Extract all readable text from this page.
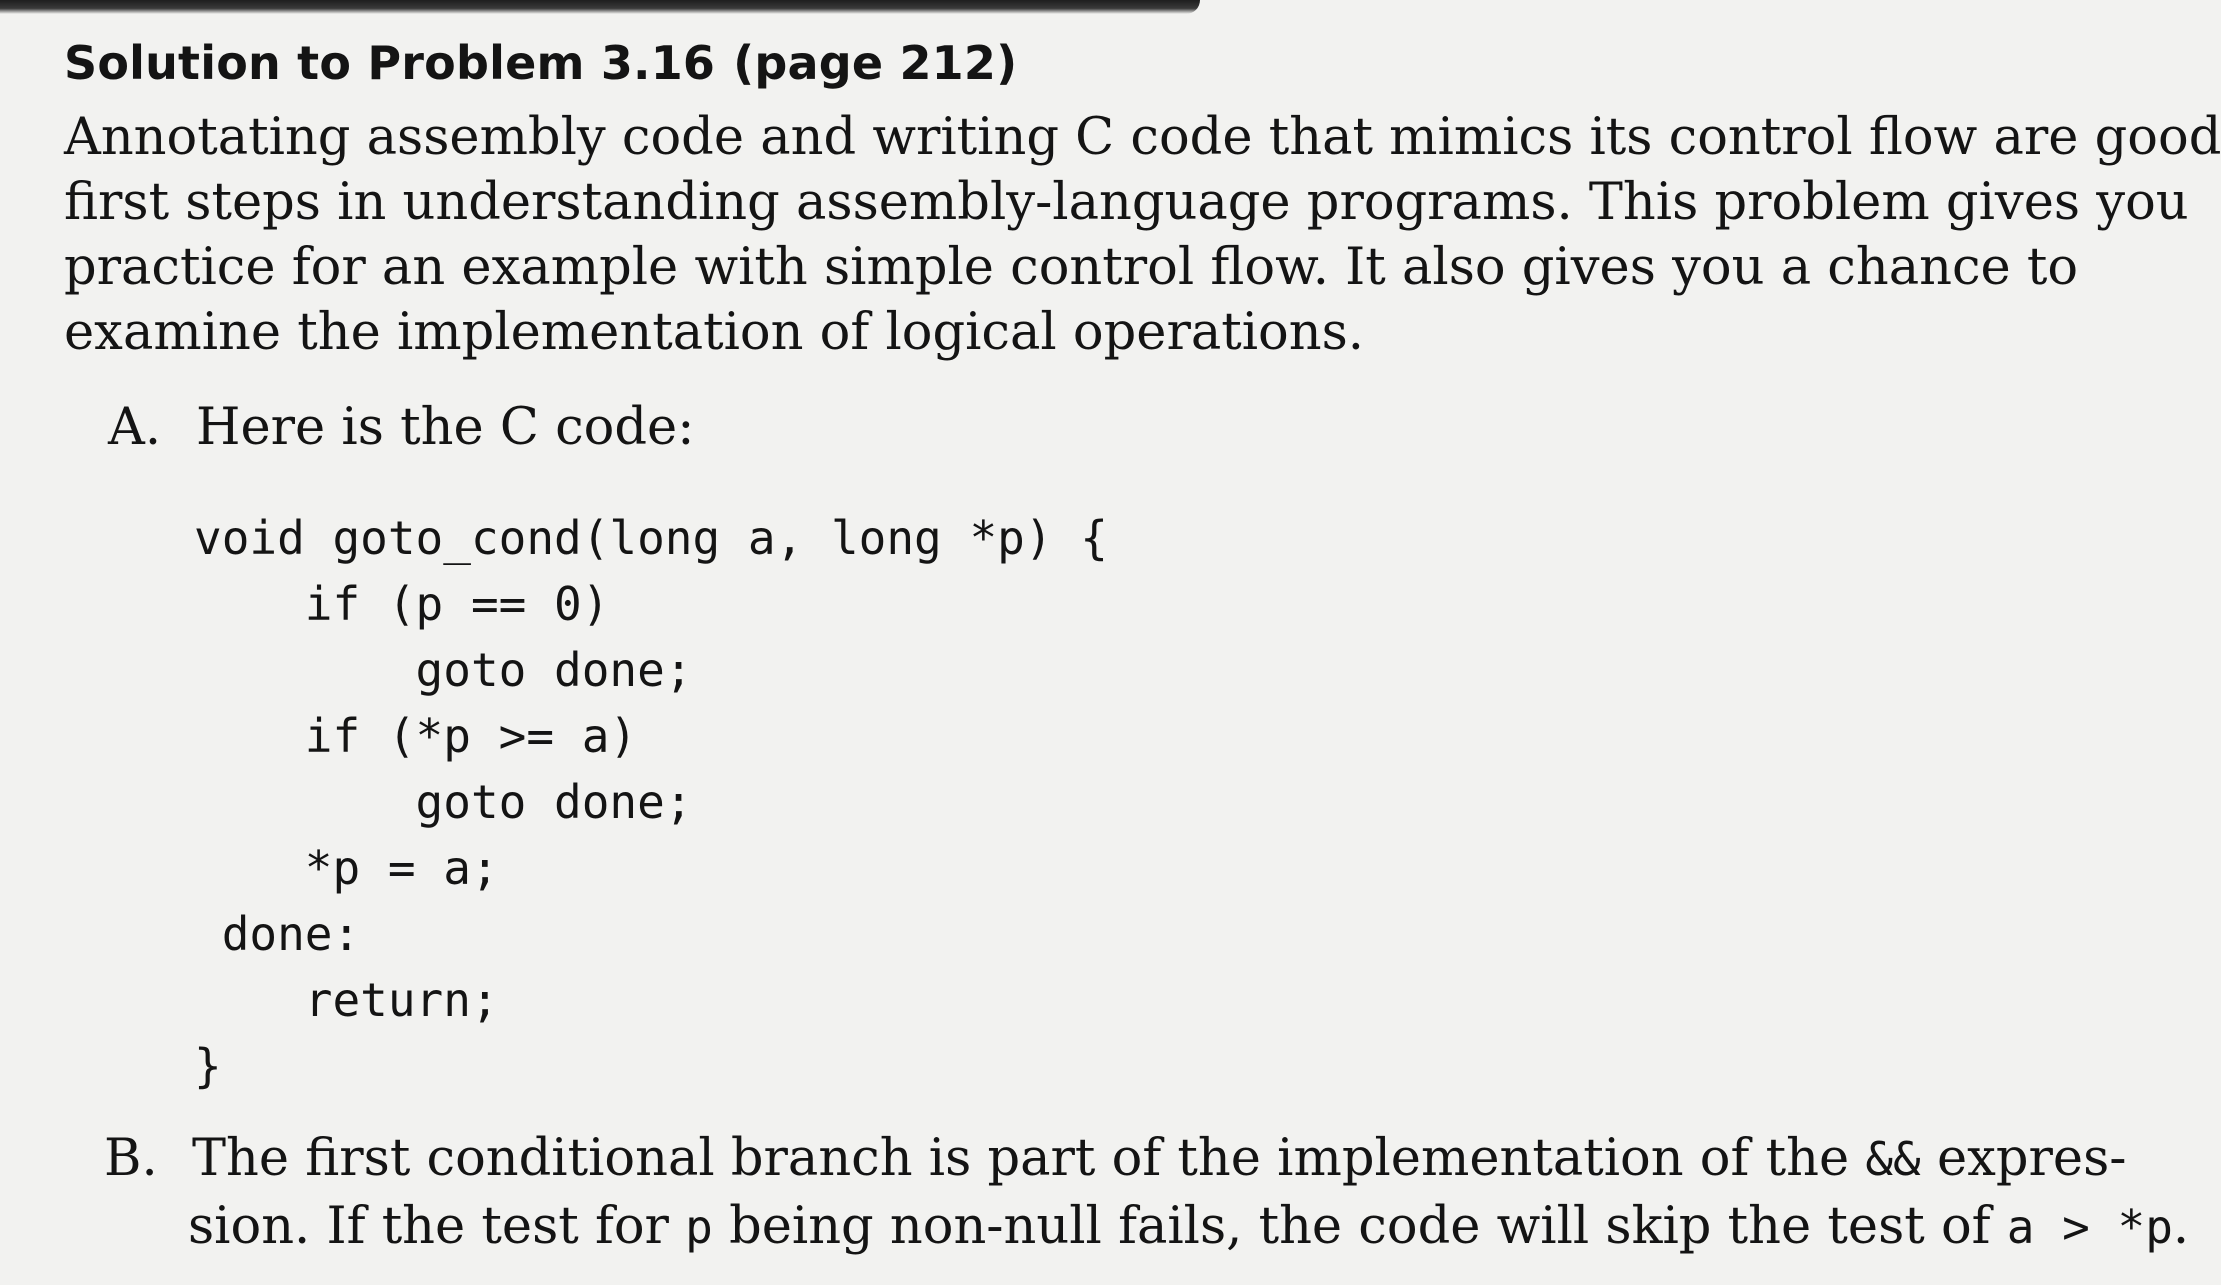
Solution to Problem 3.16 (page 212)
Annotating assembly code and writing C code that mimics its control flow are good
first steps in understanding assembly-language programs. This problem gives you
practice for an example with simple control flow. It also gives you a chance to
examine the implementation of logical operations.
A. Here is the C code:
void goto_cond(long a, long *p) {
if (p == 0)
goto done;
if (*p >= a)
goto done;
*p = a;
done:
return;
}
B. The first conditional branch is part of the implementation of the && expres-
sion. If the test for p being non-null fails, the code will skip the test of a > *p.
